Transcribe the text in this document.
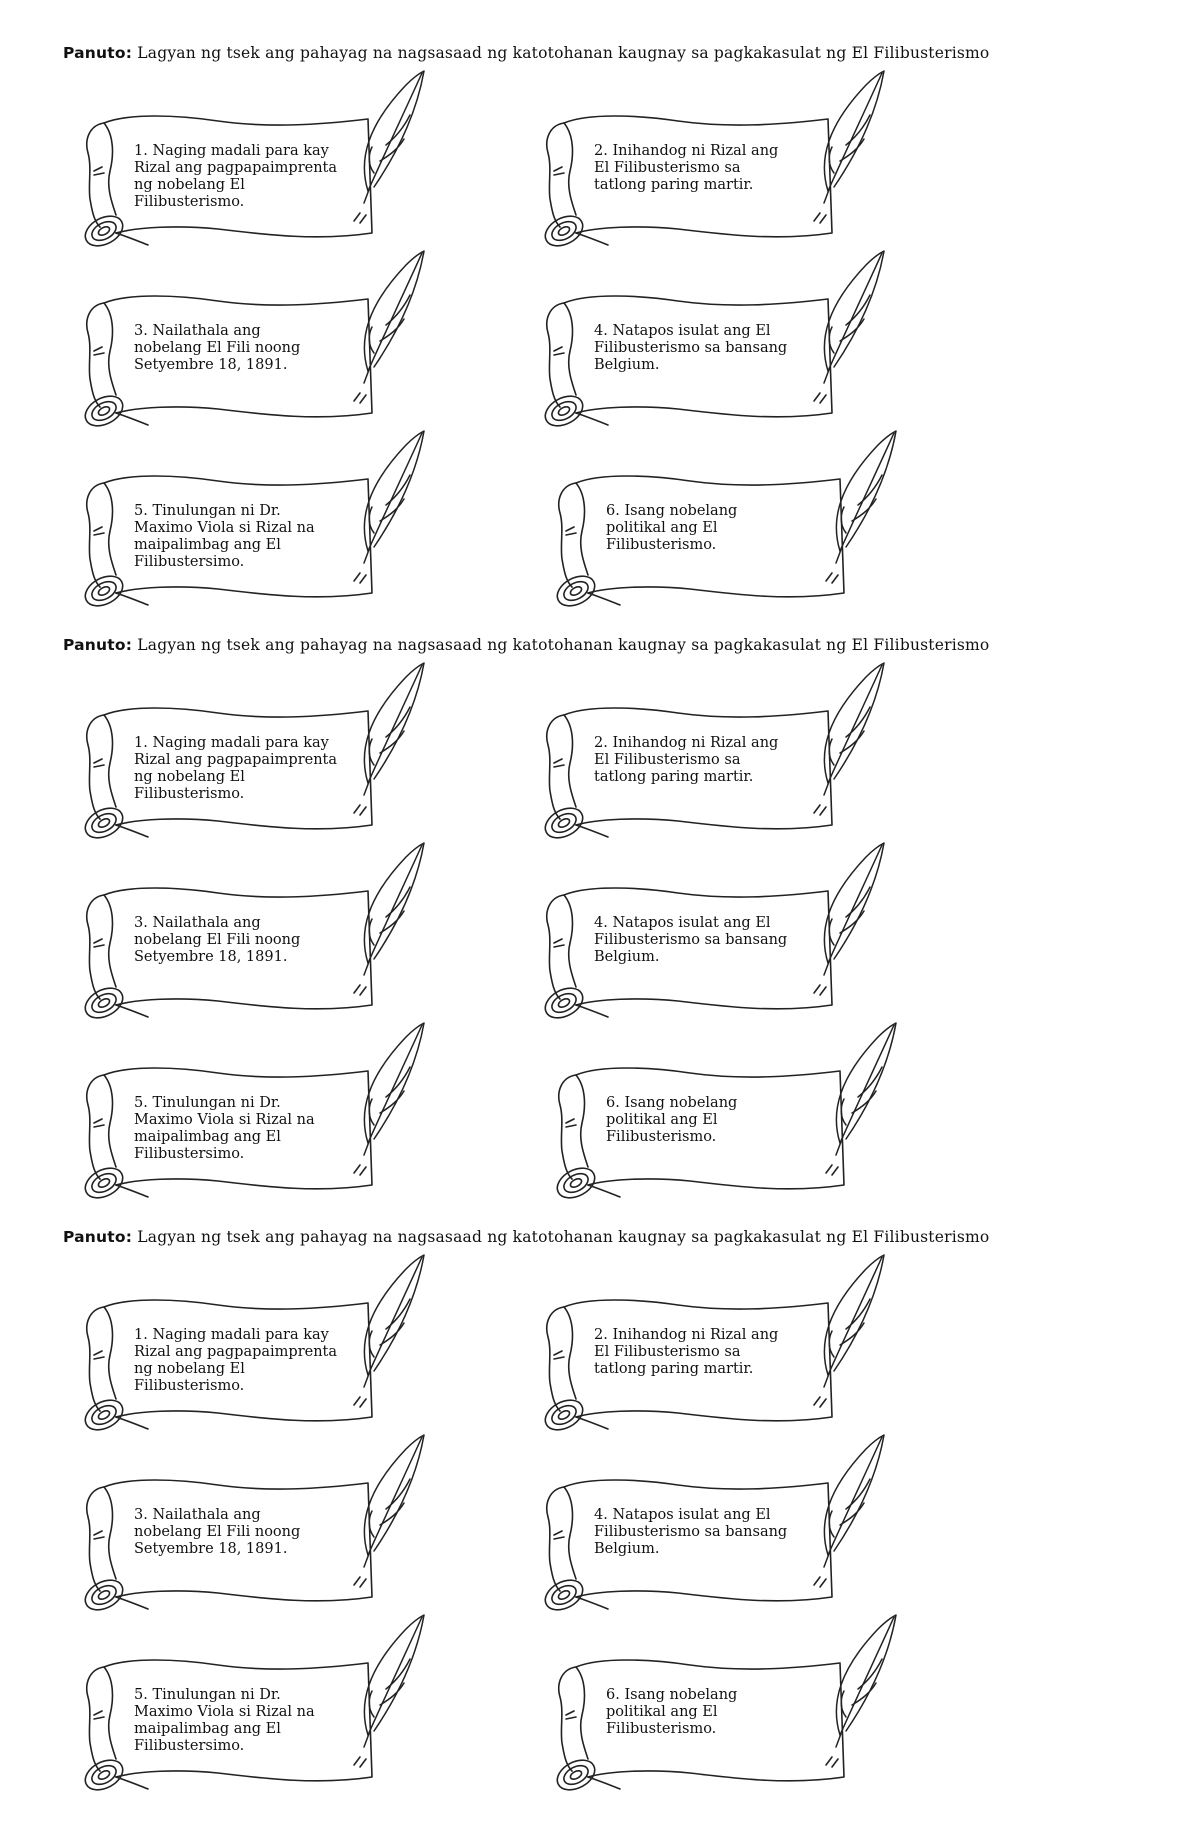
Panuto: Lagyan ng tsek ang pahayag na nagsasaad ng katotohanan kaugnay sa pagkakasulat ng El Filibusterismo
1. Naging madali para kay
Rizal ang pagpapaimprenta
ng nobelang El
Filibusterismo.
2. Inihandog ni Rizal ang
El Filibusterismo sa
tatlong paring martir.
3. Nailathala ang
nobelang El Fili noong
Setyembre 18, 1891.
4. Natapos isulat ang El
Filibusterismo sa bansang
Belgium.
5. Tinulungan ni Dr.
Maximo Viola si Rizal na
maipalimbag ang El
Filibustersimo.
6. Isang nobelang
politikal ang El
Filibusterismo.
Panuto: Lagyan ng tsek ang pahayag na nagsasaad ng katotohanan kaugnay sa pagkakasulat ng El Filibusterismo
1. Naging madali para kay
Rizal ang pagpapaimprenta
ng nobelang El
Filibusterismo.
2. Inihandog ni Rizal ang
El Filibusterismo sa
tatlong paring martir.
3. Nailathala ang
nobelang El Fili noong
Setyembre 18, 1891.
4. Natapos isulat ang El
Filibusterismo sa bansang
Belgium.
5. Tinulungan ni Dr.
Maximo Viola si Rizal na
maipalimbag ang El
Filibustersimo.
6. Isang nobelang
politikal ang El
Filibusterismo.
Panuto: Lagyan ng tsek ang pahayag na nagsasaad ng katotohanan kaugnay sa pagkakasulat ng El Filibusterismo
1. Naging madali para kay
Rizal ang pagpapaimprenta
ng nobelang El
Filibusterismo.
2. Inihandog ni Rizal ang
El Filibusterismo sa
tatlong paring martir.
3. Nailathala ang
nobelang El Fili noong
Setyembre 18, 1891.
4. Natapos isulat ang El
Filibusterismo sa bansang
Belgium.
5. Tinulungan ni Dr.
Maximo Viola si Rizal na
maipalimbag ang El
Filibustersimo.
6. Isang nobelang
politikal ang El
Filibusterismo.
